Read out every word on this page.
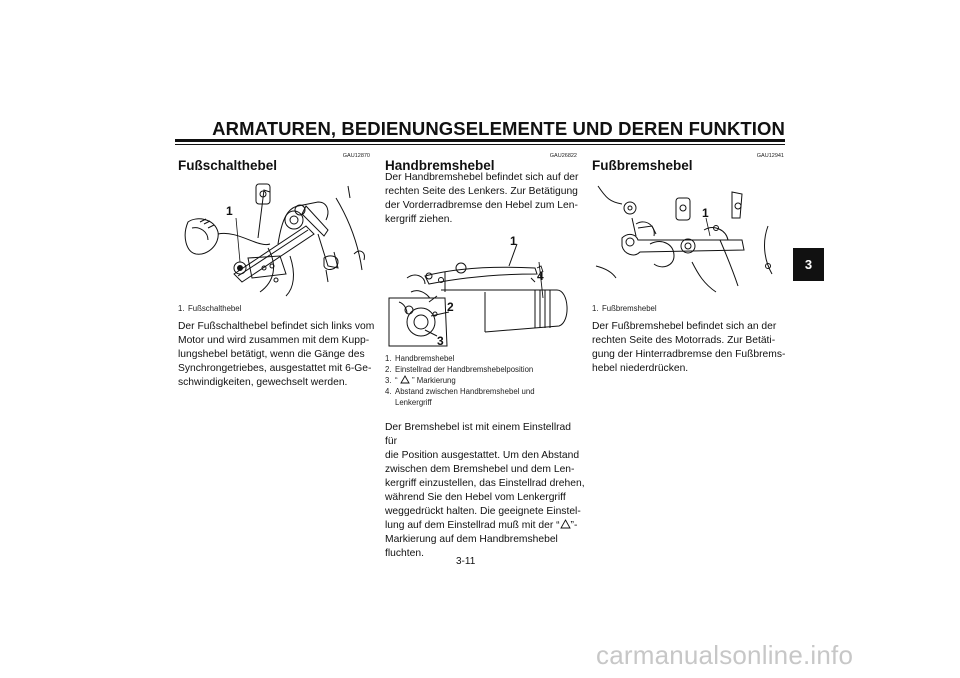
ARMATUREN, BEDIENUNGSELEMENTE UND DEREN FUNKTION
3
GAU12870
Fußschalthebel
1
1. Fußschalthebel
Der Fußschalthebel befindet sich links vom
Motor und wird zusammen mit dem Kupp-
lungshebel betätigt, wenn die Gänge des
Synchrongetriebes, ausgestattet mit 6-Ge-
schwindigkeiten, gewechselt werden.
GAU26822
Handbremshebel
Der Handbremshebel befindet sich auf der
rechten Seite des Lenkers. Zur Betätigung
der Vorderradbremse den Hebel zum Len-
kergriff ziehen.
1
4
2
3
1. Handbremshebel
2. Einstellrad der Handbremshebelposition
3. “ ” Markierung
4. Abstand zwischen Handbremshebel und Lenkergriff
Der Bremshebel ist mit einem Einstellrad für
die Position ausgestattet. Um den Abstand
zwischen dem Bremshebel und dem Len-
kergriff einzustellen, das Einstellrad drehen,
während Sie den Hebel vom Lenkergriff
weggedrückt halten. Die geeignete Einstel-
lung auf dem Einstellrad muß mit der “ ”-
Markierung auf dem Handbremshebel
fluchten.
GAU12941
Fußbremshebel
1
1. Fußbremshebel
Der Fußbremshebel befindet sich an der
rechten Seite des Motorrads. Zur Betäti-
gung der Hinterradbremse den Fußbrems-
hebel niederdrücken.
3-11
carmanualsonline.info
